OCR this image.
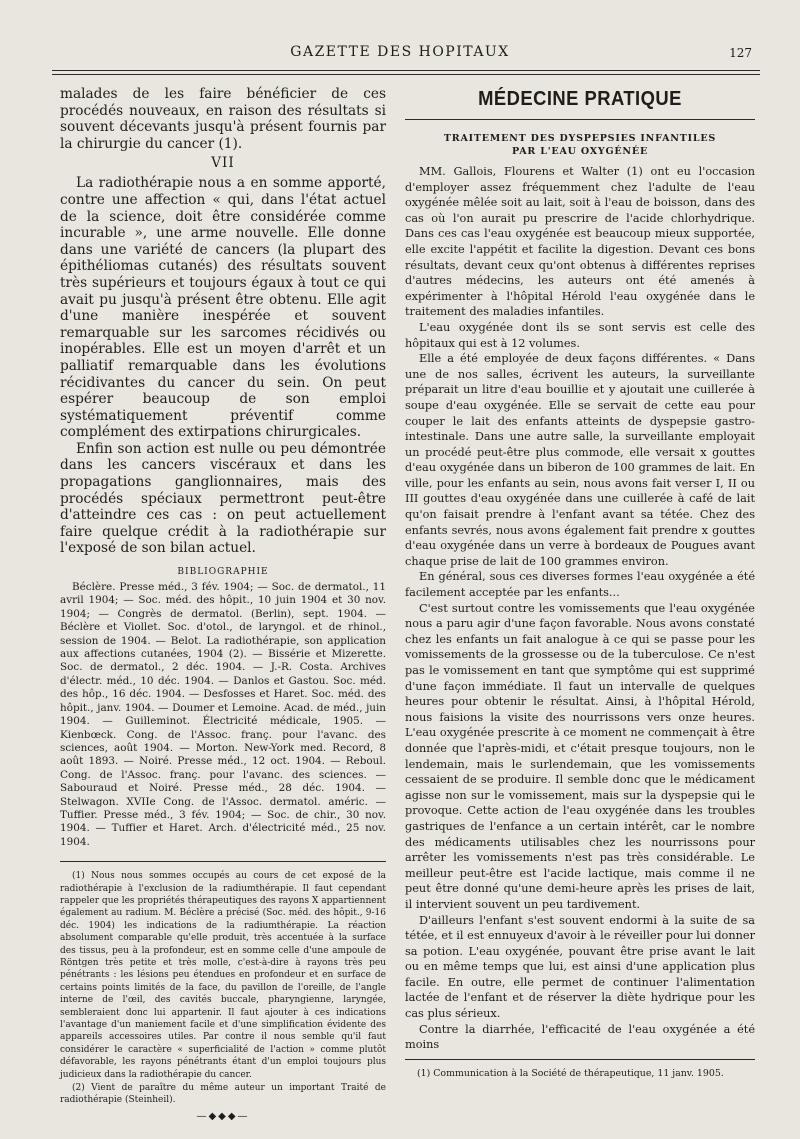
GAZETTE DES HOPITAUX	127

malades de les faire bénéficier de ces procédés nouveaux, en raison des résultats si souvent décevants jusqu'à présent fournis par la chirurgie du cancer (1).

VII

La radiothérapie nous a en somme apporté, contre une affection « qui, dans l'état actuel de la science, doit être considérée comme incurable », une arme nouvelle. Elle donne dans une variété de cancers (la plupart des épithéliomas cutanés) des résultats souvent très supérieurs et toujours égaux à tout ce qui avait pu jusqu'à présent être obtenu. Elle agit d'une manière inespérée et souvent remarquable sur les sarcomes récidivés ou inopérables. Elle est un moyen d'arrêt et un palliatif remarquable dans les évolutions récidivantes du cancer du sein. On peut espérer beaucoup de son emploi systématiquement préventif comme complément des extirpations chirurgicales.

Enfin son action est nulle ou peu démontrée dans les cancers viscéraux et dans les propagations ganglionnaires, mais des procédés spéciaux permettront peut-être d'atteindre ces cas : on peut actuellement faire quelque crédit à la radiothérapie sur l'exposé de son bilan actuel.

BIBLIOGRAPHIE

Béclère. Presse méd., 3 fév. 1904; — Soc. de dermatol., 11 avril 1904; — Soc. méd. des hôpit., 10 juin 1904 et 30 nov. 1904; — Congrès de dermatol. (Berlin), sept. 1904. — Béclère et Viollet. Soc. d'otol., de laryngol. et de rhinol., session de 1904. — Belot. La radiothérapie, son application aux affections cutanées, 1904 (2). — Bissérie et Mizerette. Soc. de dermatol., 2 déc. 1904. — J.-R. Costa. Archives d'électr. méd., 10 déc. 1904. — Danlos et Gastou. Soc. méd. des hôp., 16 déc. 1904. — Desfosses et Haret. Soc. méd. des hôpit., janv. 1904. — Doumer et Lemoine. Acad. de méd., juin 1904. — Guilleminot. Électricité médicale, 1905. — Kienbœck. Cong. de l'Assoc. franç. pour l'avanc. des sciences, août 1904. — Morton. New-York med. Record, 8 août 1893. — Noiré. Presse méd., 12 oct. 1904. — Reboul. Cong. de l'Assoc. franç. pour l'avanc. des sciences. — Sabouraud et Noiré. Presse méd., 28 déc. 1904. — Stelwagon. XVIIe Cong. de l'Assoc. dermatol. améric. — Tuffier. Presse méd., 3 fév. 1904; — Soc. de chir., 30 nov. 1904. — Tuffier et Haret. Arch. d'électricité méd., 25 nov. 1904.

(1) Nous nous sommes occupés au cours de cet exposé de la radiothérapie à l'exclusion de la radiumthérapie. Il faut cependant rappeler que les propriétés thérapeutiques des rayons X appartiennent également au radium. M. Béclère a précisé (Soc. méd. des hôpit., 9-16 déc. 1904) les indications de la radiumthérapie. La réaction absolument comparable qu'elle produit, très accentuée à la surface des tissus, peu à la profondeur, est en somme celle d'une ampoule de Röntgen très petite et très molle, c'est-à-dire à rayons très peu pénétrants : les lésions peu étendues en profondeur et en surface de certains points limités de la face, du pavillon de l'oreille, de l'angle interne de l'œil, des cavités buccale, pharyngienne, laryngée, sembleraient donc lui appartenir. Il faut ajouter à ces indications l'avantage d'un maniement facile et d'une simplification évidente des appareils accessoires utiles. Par contre il nous semble qu'il faut considérer le caractère « superficialité de l'action » comme plutôt défavorable, les rayons pénétrants étant d'un emploi toujours plus judicieux dans la radiothérapie du cancer.

(2) Vient de paraître du même auteur un important Traité de radiothérapie (Steinheil).

—◆◆◆—
MÉDECINE PRATIQUE
TRAITEMENT DES DYSPEPSIES INFANTILES
PAR L'EAU OXYGÉNÉE

MM. Gallois, Flourens et Walter (1) ont eu l'occasion d'employer assez fréquemment chez l'adulte de l'eau oxygénée mêlée soit au lait, soit à l'eau de boisson, dans des cas où l'on aurait pu prescrire de l'acide chlorhydrique. Dans ces cas l'eau oxygénée est beaucoup mieux supportée, elle excite l'appétit et facilite la digestion. Devant ces bons résultats, devant ceux qu'ont obtenus à différentes reprises d'autres médecins, les auteurs ont été amenés à expérimenter à l'hôpital Hérold l'eau oxygénée dans le traitement des maladies infantiles.

L'eau oxygénée dont ils se sont servis est celle des hôpitaux qui est à 12 volumes.

Elle a été employée de deux façons différentes. « Dans une de nos salles, écrivent les auteurs, la surveillante préparait un litre d'eau bouillie et y ajoutait une cuillerée à soupe d'eau oxygénée. Elle se servait de cette eau pour couper le lait des enfants atteints de dyspepsie gastro-intestinale. Dans une autre salle, la surveillante employait un procédé peut-être plus commode, elle versait x gouttes d'eau oxygénée dans un biberon de 100 grammes de lait. En ville, pour les enfants au sein, nous avons fait verser I, II ou III gouttes d'eau oxygénée dans une cuillerée à café de lait qu'on faisait prendre à l'enfant avant sa tétée. Chez des enfants sevrés, nous avons également fait prendre x gouttes d'eau oxygénée dans un verre à bordeaux de Pougues avant chaque prise de lait de 100 grammes environ.

En général, sous ces diverses formes l'eau oxygénée a été facilement acceptée par les enfants...

C'est surtout contre les vomissements que l'eau oxygénée nous a paru agir d'une façon favorable. Nous avons constaté chez les enfants un fait analogue à ce qui se passe pour les vomissements de la grossesse ou de la tuberculose. Ce n'est pas le vomissement en tant que symptôme qui est supprimé d'une façon immédiate. Il faut un intervalle de quelques heures pour obtenir le résultat. Ainsi, à l'hôpital Hérold, nous faisions la visite des nourrissons vers onze heures. L'eau oxygénée prescrite à ce moment ne commençait à être donnée que l'après-midi, et c'était presque toujours, non le lendemain, mais le surlendemain, que les vomissements cessaient de se produire. Il semble donc que le médicament agisse non sur le vomissement, mais sur la dyspepsie qui le provoque. Cette action de l'eau oxygénée dans les troubles gastriques de l'enfance a un certain intérêt, car le nombre des médicaments utilisables chez les nourrissons pour arrêter les vomissements n'est pas très considérable. Le meilleur peut-être est l'acide lactique, mais comme il ne peut être donné qu'une demi-heure après les prises de lait, il intervient souvent un peu tardivement.

D'ailleurs l'enfant s'est souvent endormi à la suite de sa tétée, et il est ennuyeux d'avoir à le réveiller pour lui donner sa potion. L'eau oxygénée, pouvant être prise avant le lait ou en même temps que lui, est ainsi d'une application plus facile. En outre, elle permet de continuer l'alimentation lactée de l'enfant et de réserver la diète hydrique pour les cas plus sérieux.

Contre la diarrhée, l'efficacité de l'eau oxygénée a été moins

(1) Communication à la Société de thérapeutique, 11 janv. 1905.
